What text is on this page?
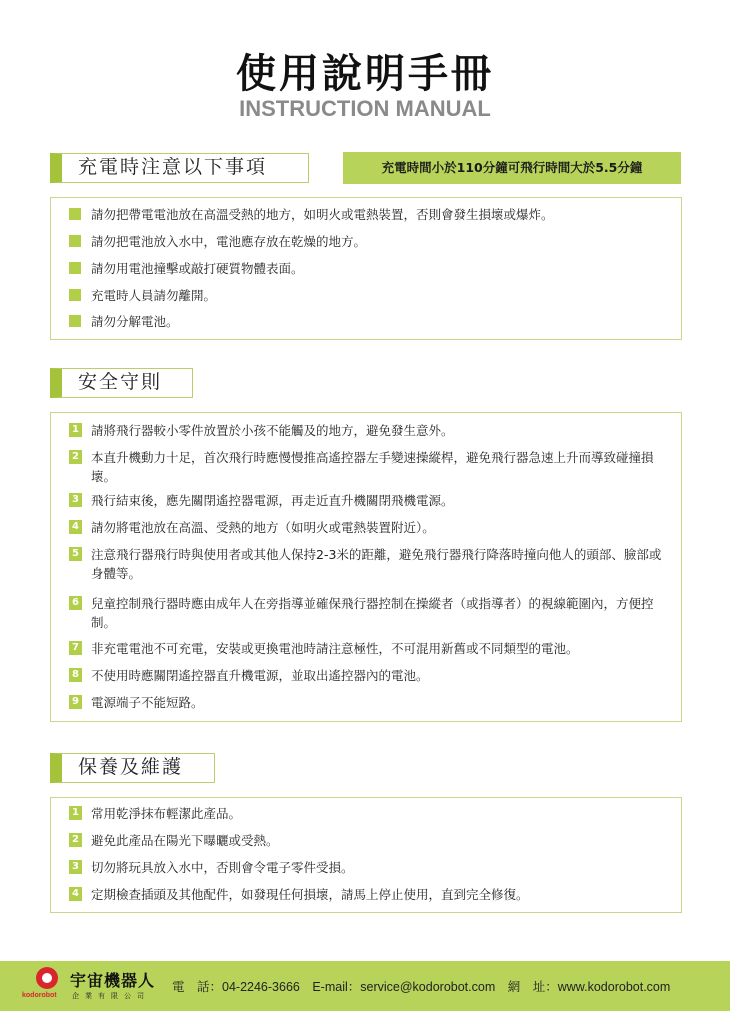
使用說明手冊
INSTRUCTION MANUAL
充電時注意以下事項	充電時間小於110分鐘可飛行時間大於5.5分鐘
請勿把帶電電池放在高溫受熱的地方，如明火或電熱裝置，否則會發生損壞或爆炸。
請勿把電池放入水中，電池應存放在乾燥的地方。
請勿用電池撞擊或敲打硬質物體表面。
充電時人員請勿離開。
請勿分解電池。
安全守則
1 請將飛行器較小零件放置於小孩不能觸及的地方，避免發生意外。
2 本直升機動力十足，首次飛行時應慢慢推高遙控器左手變速操縱桿，避免飛行器急速上升而導致碰撞損壞。
3 飛行結束後，應先關閉遙控器電源，再走近直升機關閉飛機電源。
4 請勿將電池放在高溫、受熱的地方（如明火或電熱裝置附近）。
5 注意飛行器飛行時與使用者或其他人保持2-3米的距離，避免飛行器飛行降落時撞向他人的頭部、臉部或身體等。
6 兒童控制飛行器時應由成年人在旁指導並確保飛行器控制在操縱者（或指導者）的視線範圍內，方便控制。
7 非充電電池不可充電，安裝或更換電池時請注意極性，不可混用新舊或不同類型的電池。
8 不使用時應關閉遙控器直升機電源，並取出遙控器內的電池。
9 電源端子不能短路。
保養及維護
1 常用乾淨抹布輕潔此產品。
2 避免此產品在陽光下曝曬或受熱。
3 切勿將玩具放入水中，否則會令電子零件受損。
4 定期檢查插頭及其他配件，如發現任何損壞，請馬上停止使用，直到完全修復。
kodorobot
宇宙機器人
企業有限公司
電　話：04-2246-3666　E-mail：service@kodorobot.com　網　址：www.kodorobot.com
